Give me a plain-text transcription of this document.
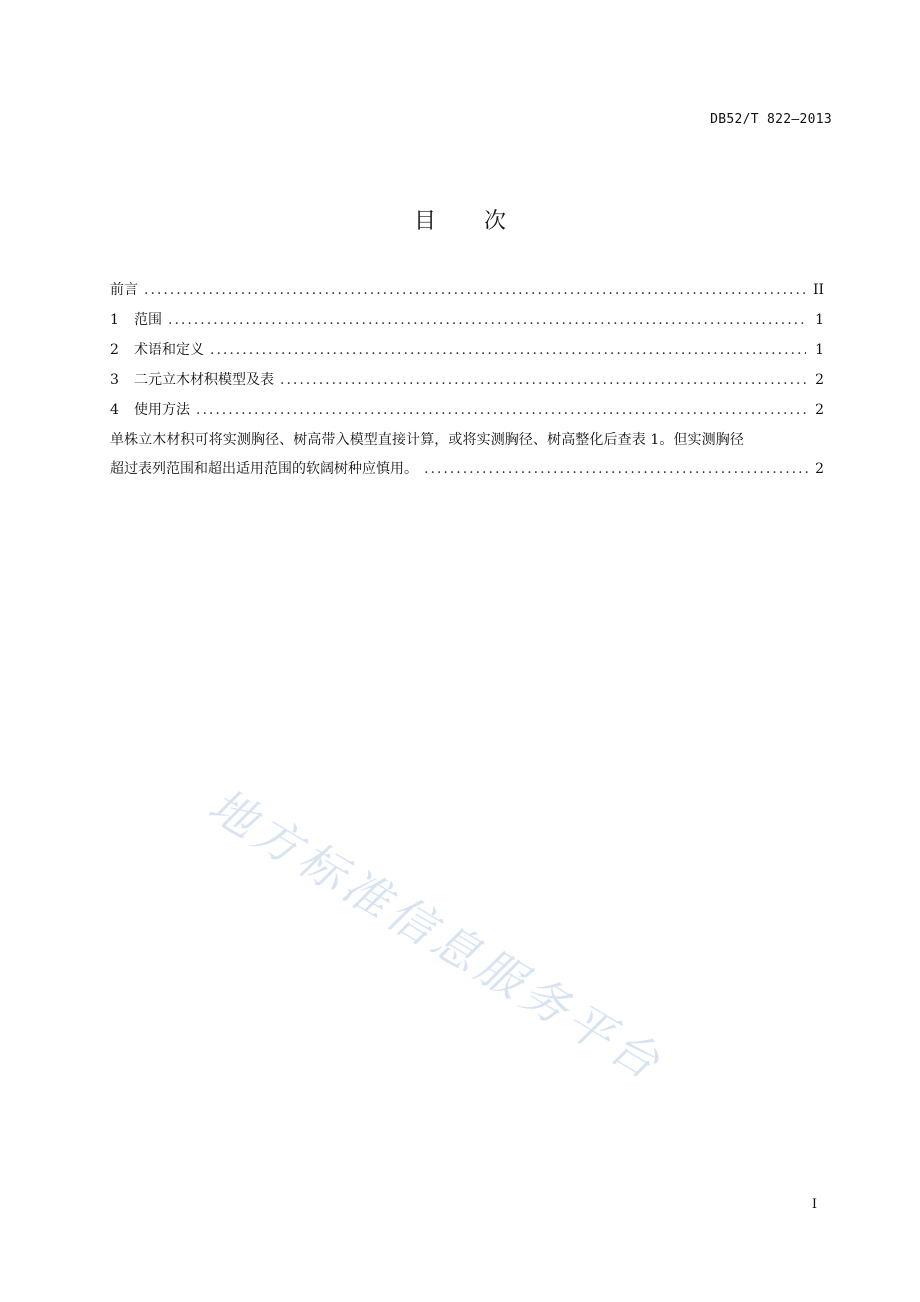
DB52/T 822—2013
目 次
前言 .....	II
1	范围 .....	1
2	术语和定义 .....	1
3	二元立木材积模型及表 .....	2
4	使用方法 .....	2
单株立木材积可将实测胸径、树高带入模型直接计算，或将实测胸径、树高整化后查表 1。但实测胸径
超过表列范围和超出适用范围的软阔树种应慎用。 .....	2
地方标准信息服务平台
I
